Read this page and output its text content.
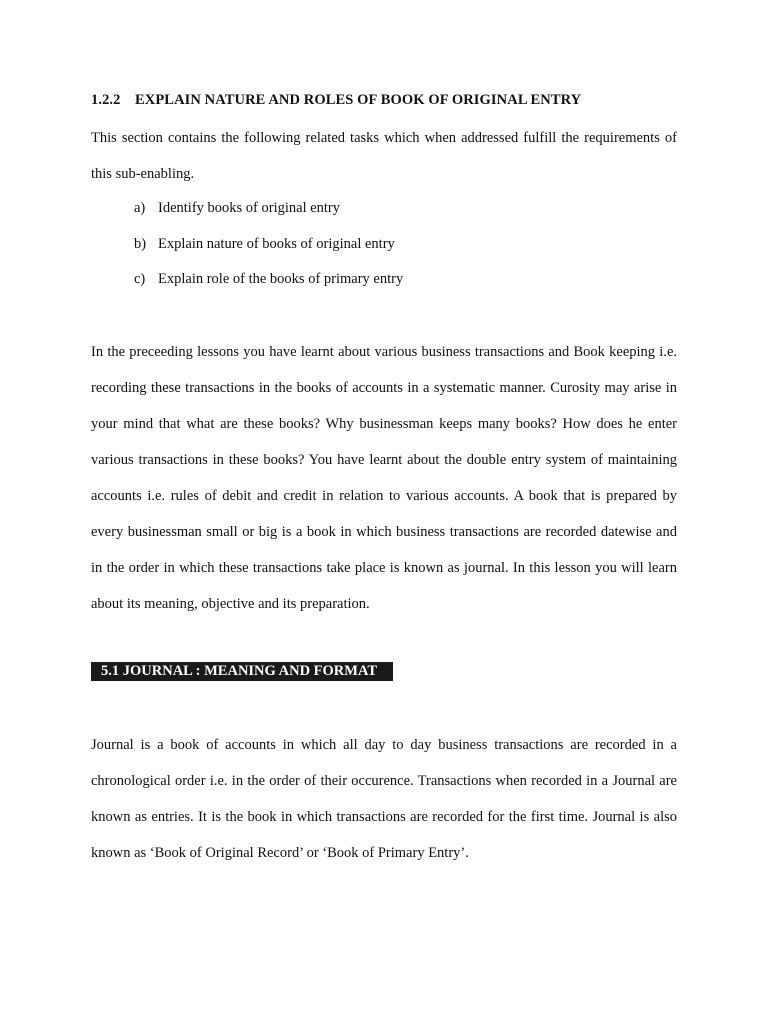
1.2.2 EXPLAIN NATURE AND ROLES OF BOOK OF ORIGINAL ENTRY

This section contains the following related tasks which when addressed fulfill the requirements of this sub-enabling.

a) Identify books of original entry
b) Explain nature of books of original entry
c) Explain role of the books of primary entry

In the preceeding lessons you have learnt about various business transactions and Book keeping i.e. recording these transactions in the books of accounts in a systematic manner. Curosity may arise in your mind that what are these books? Why businessman keeps many books? How does he enter various transactions in these books? You have learnt about the double entry system of maintaining accounts i.e. rules of debit and credit in relation to various accounts. A book that is prepared by every businessman small or big is a book in which business transactions are recorded datewise and in the order in which these transactions take place is known as journal. In this lesson you will learn about its meaning, objective and its preparation.

5.1 JOURNAL : MEANING AND FORMAT

Journal is a book of accounts in which all day to day business transactions are recorded in a chronological order i.e. in the order of their occurence. Transactions when recorded in a Journal are known as entries. It is the book in which transactions are recorded for the first time. Journal is also known as ‘Book of Original Record’ or ‘Book of Primary Entry’.
